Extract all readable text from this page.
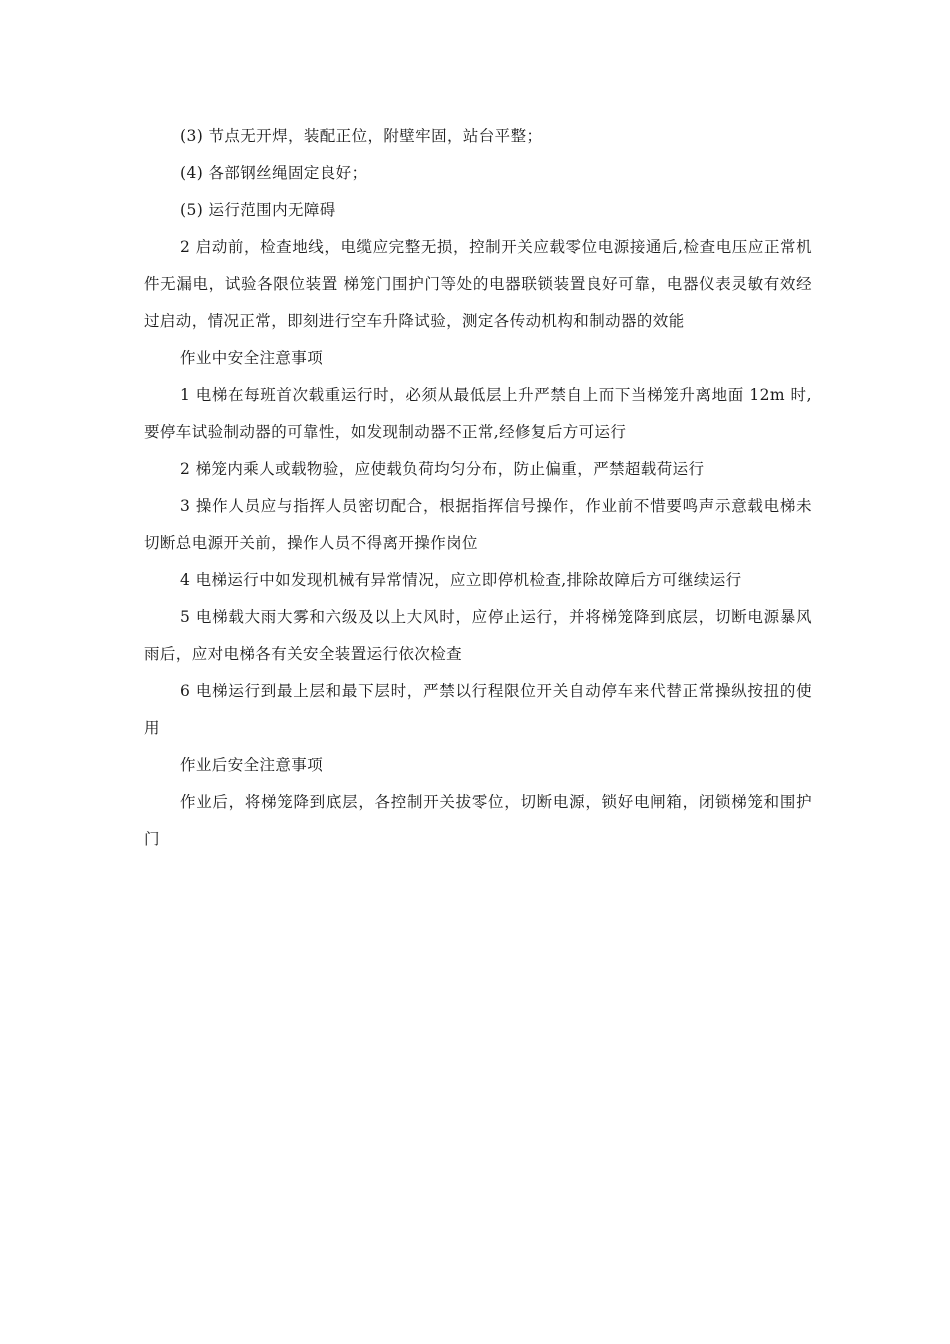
(3) 节点无开焊，装配正位，附壁牢固，站台平整；

(4) 各部钢丝绳固定良好；

(5) 运行范围内无障碍

2 启动前，检查地线，电缆应完整无损，控制开关应载零位电源接通后,检查电压应正常机件无漏电，试验各限位装置 梯笼门围护门等处的电器联锁装置良好可靠，电器仪表灵敏有效经过启动，情况正常，即刻进行空车升降试验，测定各传动机构和制动器的效能

作业中安全注意事项

1 电梯在每班首次载重运行时，必须从最低层上升严禁自上而下当梯笼升离地面 12m 时,要停车试验制动器的可靠性，如发现制动器不正常,经修复后方可运行

2 梯笼内乘人或载物验，应使载负荷均匀分布，防止偏重，严禁超载荷运行

3 操作人员应与指挥人员密切配合，根据指挥信号操作，作业前不惜要鸣声示意载电梯未切断总电源开关前，操作人员不得离开操作岗位

4 电梯运行中如发现机械有异常情况，应立即停机检查,排除故障后方可继续运行

5 电梯载大雨大雾和六级及以上大风时，应停止运行，并将梯笼降到底层，切断电源暴风雨后，应对电梯各有关安全装置运行依次检查

6 电梯运行到最上层和最下层时，严禁以行程限位开关自动停车来代替正常操纵按扭的使用

作业后安全注意事项

作业后，将梯笼降到底层，各控制开关拔零位，切断电源，锁好电闸箱，闭锁梯笼和围护门
